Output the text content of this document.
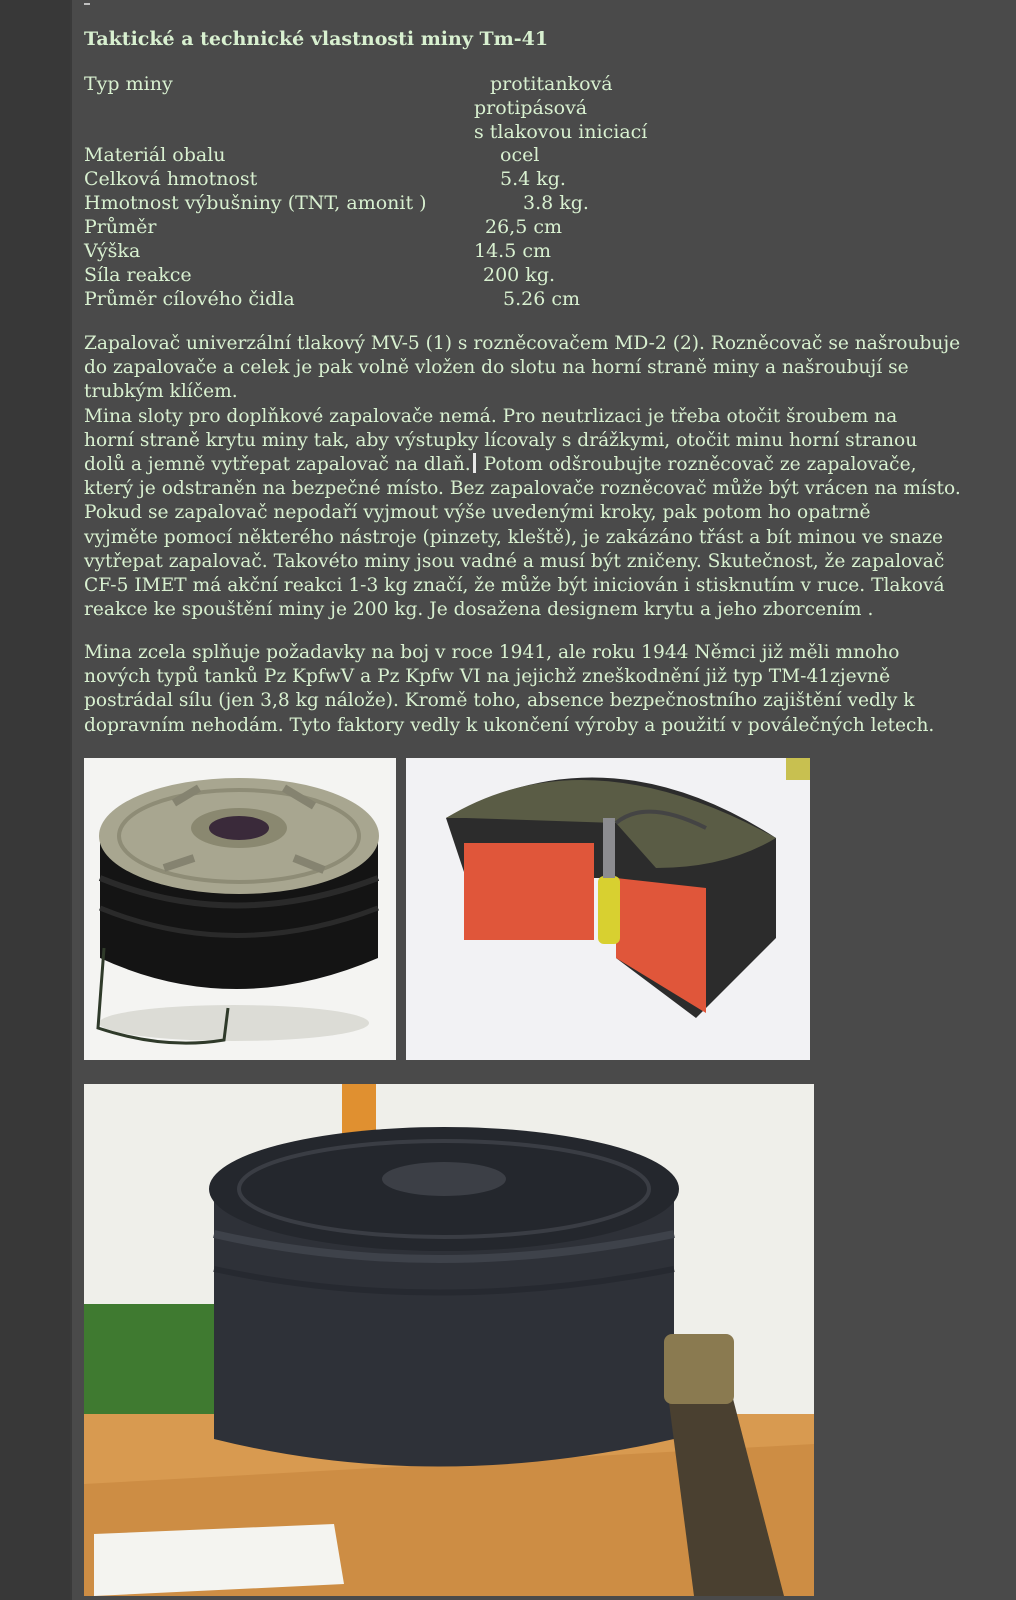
Taktické a technické vlastnosti miny Tm-41
Typ miny	protitanková
protipásová
s tlakovou iniciací
Materiál obalu	ocel
Celková hmotnost	5.4 kg.
Hmotnost výbušniny (TNT, amonit )	3.8 kg.
Průměr	26,5 cm
Výška	14.5 cm
Síla reakce	200 kg.
Průměr cílového čidla	5.26 cm

Zapalovač univerzální tlakový MV-5 (1) s rozněcovačem MD-2 (2). Rozněcovač se našroubuje
do zapalovače a celek je pak volně vložen do slotu na horní straně miny a našroubují se
trubkým klíčem.
Mina sloty pro doplňkové zapalovače nemá. Pro neutrlizaci je třeba otočit šroubem na
horní straně krytu miny tak, aby výstupky lícovaly s drážkymi, otočit minu horní stranou
dolů a jemně vytřepat zapalovač na dlaň. Potom odšroubujte rozněcovač ze zapalovače,
který je odstraněn na bezpečné místo. Bez zapalovače rozněcovač může být vrácen na místo.
Pokud se zapalovač nepodaří vyjmout výše uvedenými kroky, pak potom ho opatrně
vyjměte pomocí některého nástroje (pinzety, kleště), je zakázáno třást a bít minou ve snaze
vytřepat zapalovač. Takovéto miny jsou vadné a musí být zničeny. Skutečnost, že zapalovač
CF-5 IMET má akční reakci 1-3 kg značí, že může být iniciován i stisknutím v ruce. Tlaková
reakce ke spouštění miny je 200 kg. Je dosažena designem krytu a jeho zborcením .

Mina zcela splňuje požadavky na boj v roce 1941, ale roku 1944 Němci již měli mnoho
nových typů tanků Pz KpfwV a Pz Kpfw VI na jejichž zneškodnění již typ TM-41zjevně
postrádal sílu (jen 3,8 kg nálože). Kromě toho, absence bezpečnostního zajištění vedly k
dopravním nehodám. Tyto faktory vedly k ukončení výroby a použití v poválečných letech.
